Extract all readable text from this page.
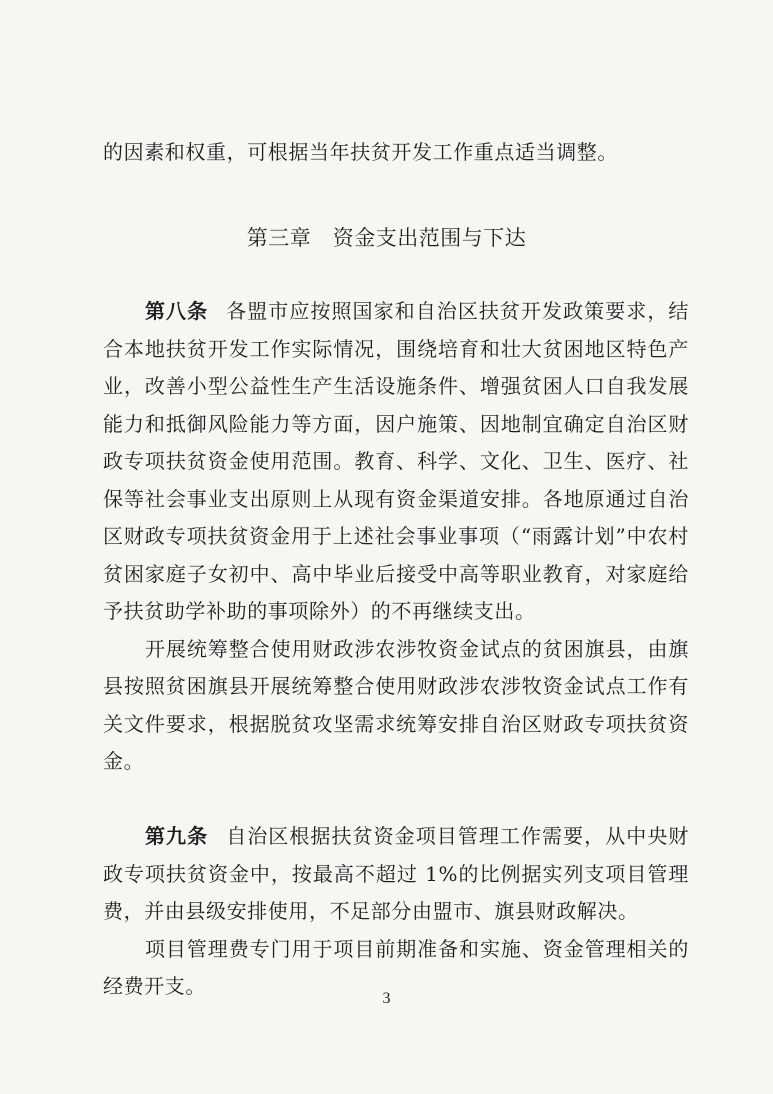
的因素和权重，可根据当年扶贫开发工作重点适当调整。

第三章　资金支出范围与下达

第八条 各盟市应按照国家和自治区扶贫开发政策要求，结合本地扶贫开发工作实际情况，围绕培育和壮大贫困地区特色产业，改善小型公益性生产生活设施条件、增强贫困人口自我发展能力和抵御风险能力等方面，因户施策、因地制宜确定自治区财政专项扶贫资金使用范围。教育、科学、文化、卫生、医疗、社保等社会事业支出原则上从现有资金渠道安排。各地原通过自治区财政专项扶贫资金用于上述社会事业事项（“雨露计划”中农村贫困家庭子女初中、高中毕业后接受中高等职业教育，对家庭给予扶贫助学补助的事项除外）的不再继续支出。

开展统筹整合使用财政涉农涉牧资金试点的贫困旗县，由旗县按照贫困旗县开展统筹整合使用财政涉农涉牧资金试点工作有关文件要求，根据脱贫攻坚需求统筹安排自治区财政专项扶贫资金。

第九条 自治区根据扶贫资金项目管理工作需要，从中央财政专项扶贫资金中，按最高不超过 1%的比例据实列支项目管理费，并由县级安排使用，不足部分由盟市、旗县财政解决。

项目管理费专门用于项目前期准备和实施、资金管理相关的经费开支。

3
